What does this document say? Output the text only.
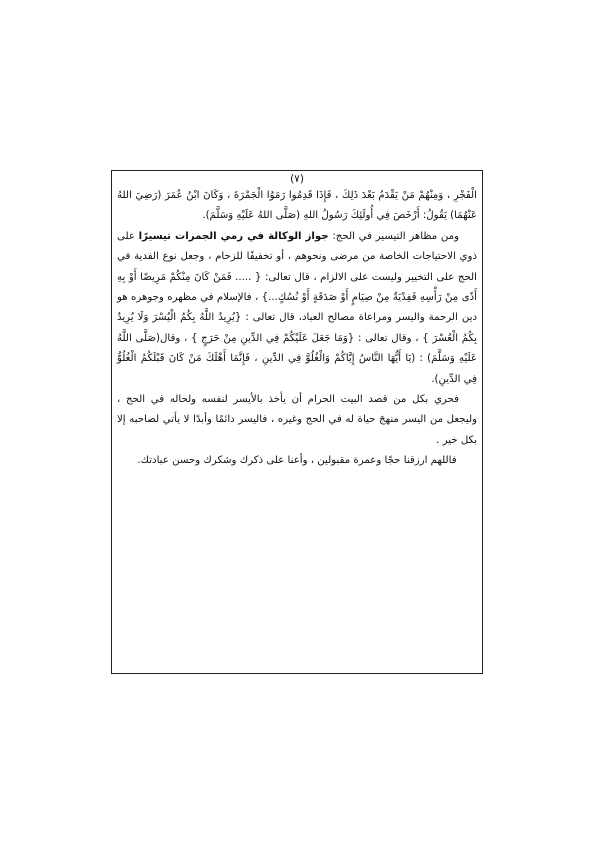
(٧)

الْفَجْرِ ، وَمِنْهُمْ مَنْ يَقْدَمُ بَعْدَ ذَلِكَ ، فَإِذَا قَدِمُوا رَمَوُا الْجَمْرَةَ ، وَكَانَ ابْنُ عُمَرَ (رَضِيَ اللهُ عَنْهُمَا) يَقُولُ: أَرْخَصَ فِي أُولَئِكَ رَسُولُ اللهِ (صَلَّى اللهُ عَلَيْهِ وَسَلَّمَ).

ومن مظاهر التيسير في الحج: جواز الوكالة في رمي الجمرات تيسيرًا على ذوي الاحتياجات الخاصة من مرضى ونحوهم ، أو تخفيفًا للزحام ، وجعل نوع الفدية في الحج على التخيير وليست على الالزام ، قال تعالى: { ..... فَمَنْ كَانَ مِنْكُمْ مَرِيضًا أَوْ بِهِ أَذًى مِنْ رَأْسِهِ فَفِدْيَةٌ مِنْ صِيَامٍ أَوْ صَدَقَةٍ أَوْ نُسُكٍ...} ، فالإسلام في مظهره وجوهره هو دين الرحمة واليسر ومراعاة مصالح العباد، قال تعالى : {يُرِيدُ اللَّهُ بِكُمُ الْيُسْرَ وَلَا يُرِيدُ بِكُمُ الْعُسْرَ } ، وقال تعالى : {وَمَا جَعَلَ عَلَيْكُمْ فِي الدِّينِ مِنْ حَرَجٍ } ، وقال(صَلَّى اللَّهُ عَلَيْهِ وَسَلَّمَ) : (يَا أَيُّهَا النَّاسُ إِيَّاكُمْ وَالْغُلُوَّ فِي الدِّينِ ، فَإِنَّمَا أَهْلَكَ مَنْ كَانَ قَبْلَكُمُ الْغُلُوُّ فِي الدِّينِ).

فحري بكل من قصد البيت الحرام أن يأخذ بالأيسر لنفسه ولحاله في الحج ، وليجعل من اليسر منهجَ حياة له في الحج وغيره ، فاليسر دائمًا وأبدًا لا يأتي لصاحبه إلا بكل خير .

فاللهم ارزقنا حجًا وعمرة مقبولين ، وأعنا على ذكرك وشكرك وحسن عبادتك.
